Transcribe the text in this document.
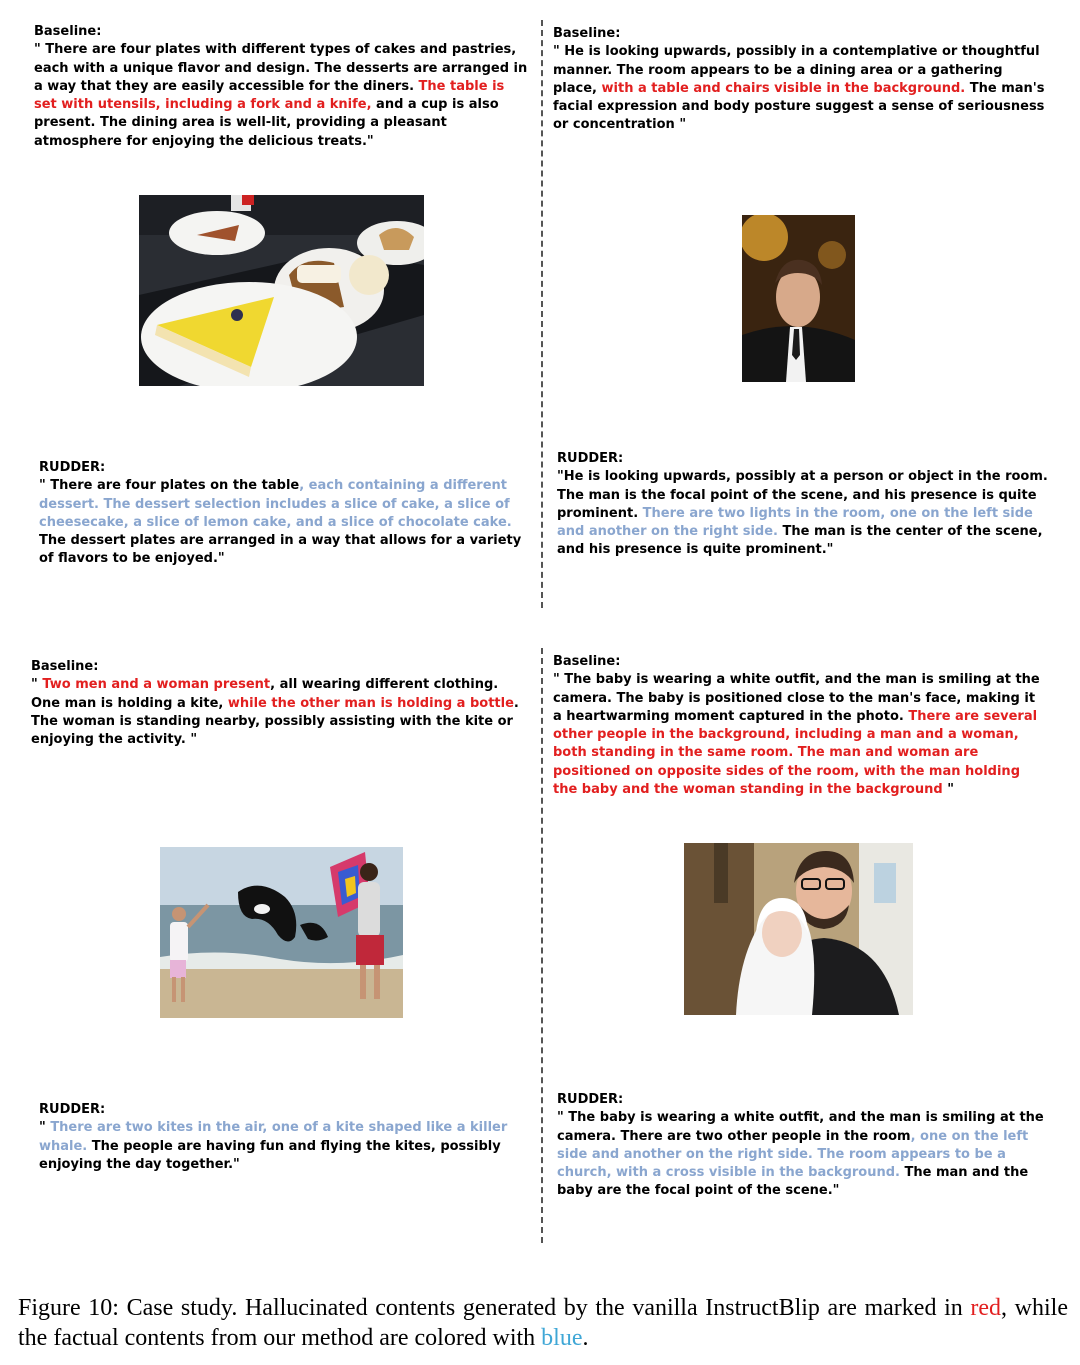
Baseline:
" There are four plates with different types of cakes and pastries, each with a unique flavor and design. The desserts are arranged in a way that they are easily accessible for the diners. The table is set with utensils, including a fork and a knife, and a cup is also present. The dining area is well-lit, providing a pleasant atmosphere for enjoying the delicious treats."

RUDDER:
" There are four plates on the table, each containing a different dessert. The dessert selection includes a slice of cake, a slice of cheesecake, a slice of lemon cake, and a slice of chocolate cake. The dessert plates are arranged in a way that allows for a variety of flavors to be enjoyed."

Baseline:
" He is looking upwards, possibly in a contemplative or thoughtful manner. The room appears to be a dining area or a gathering place, with a table and chairs visible in the background. The man's facial expression and body posture suggest a sense of seriousness or concentration "

RUDDER:
"He is looking upwards, possibly at a person or object in the room. The man is the focal point of the scene, and his presence is quite prominent. There are two lights in the room, one on the left side and another on the right side. The man is the center of the scene, and his presence is quite prominent."

Baseline:
" Two men and a woman present, all wearing different clothing. One man is holding a kite, while the other man is holding a bottle. The woman is standing nearby, possibly assisting with the kite or enjoying the activity. "

RUDDER:
" There are two kites in the air, one of a kite shaped like a killer whale. The people are having fun and flying the kites, possibly enjoying the day together."

Baseline:
" The baby is wearing a white outfit, and the man is smiling at the camera. The baby is positioned close to the man's face, making it a heartwarming moment captured in the photo. There are several other people in the background, including a man and a woman, both standing in the same room. The man and woman are positioned on opposite sides of the room, with the man holding the baby and the woman standing in the background "

RUDDER:
" The baby is wearing a white outfit, and the man is smiling at the camera. There are two other people in the room, one on the left side and another on the right side. The room appears to be a church, with a cross visible in the background. The man and the baby are the focal point of the scene."

Figure 10: Case study. Hallucinated contents generated by the vanilla InstructBlip are marked in red, while the factual contents from our method are colored with blue.
